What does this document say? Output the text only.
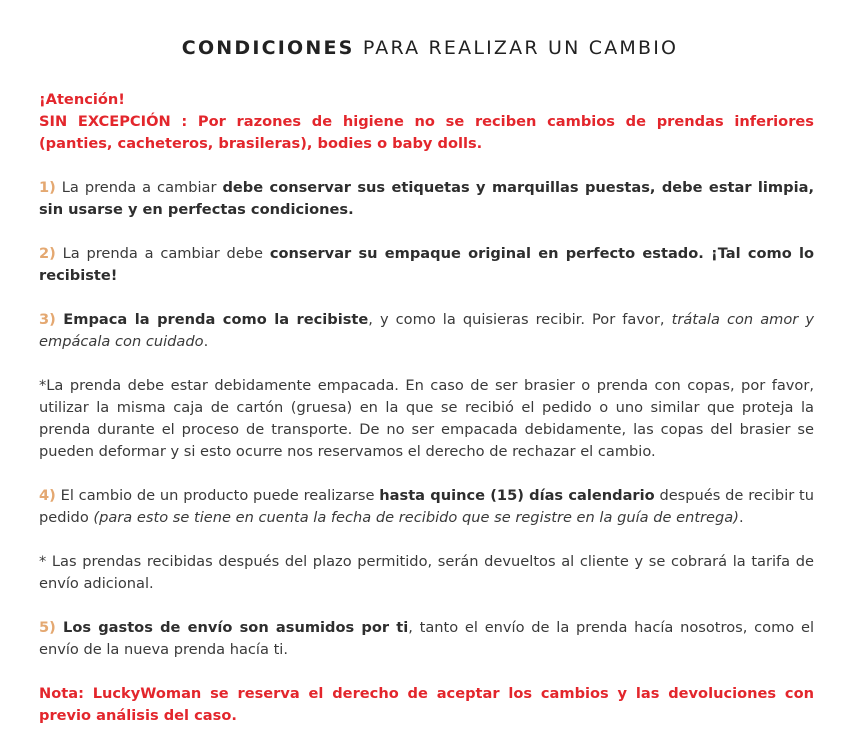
CONDICIONES PARA REALIZAR UN CAMBIO

¡Atención!
SIN EXCEPCIÓN : Por razones de higiene no se reciben cambios de prendas inferiores (panties, cacheteros, brasileras), bodies o baby dolls.

1) La prenda a cambiar debe conservar sus etiquetas y marquillas puestas, debe estar limpia, sin usarse y en perfectas condiciones.

2) La prenda a cambiar debe conservar su empaque original en perfecto estado. ¡Tal como lo recibiste!

3) Empaca la prenda como la recibiste, y como la quisieras recibir. Por favor, trátala con amor y empácala con cuidado.

*La prenda debe estar debidamente empacada. En caso de ser brasier o prenda con copas, por favor, utilizar la misma caja de cartón (gruesa) en la que se recibió el pedido o uno similar que proteja la prenda durante el proceso de transporte. De no ser empacada debidamente, las copas del brasier se pueden deformar y si esto ocurre nos reservamos el derecho de rechazar el cambio.

4) El cambio de un producto puede realizarse hasta quince (15) días calendario después de recibir tu pedido (para esto se tiene en cuenta la fecha de recibido que se registre en la guía de entrega).

* Las prendas recibidas después del plazo permitido, serán devueltos al cliente y se cobrará la tarifa de envío adicional.

5) Los gastos de envío son asumidos por ti, tanto el envío de la prenda hacía nosotros, como el envío de la nueva prenda hacía ti.

Nota: LuckyWoman se reserva el derecho de aceptar los cambios y las devoluciones con previo análisis del caso.
